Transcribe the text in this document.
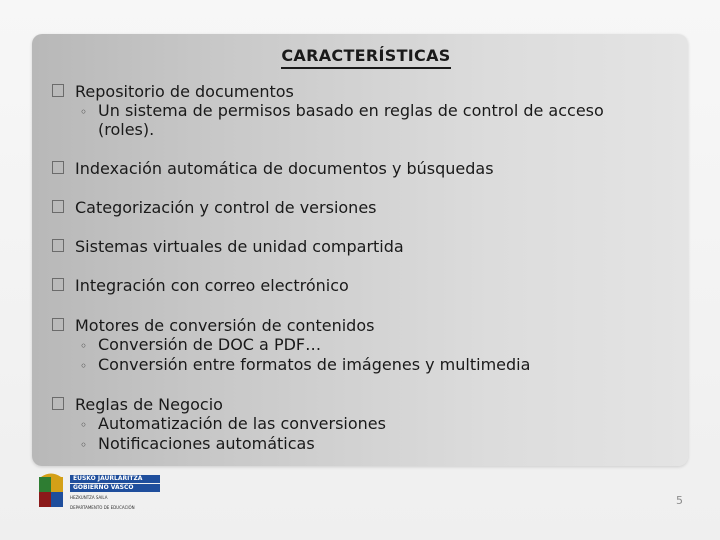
CARACTERÍSTICAS
Repositorio de documentos
◦ Un sistema de permisos basado en reglas de control de acceso
(roles).
Indexación automática de documentos y búsquedas
Categorización y control de versiones
Sistemas virtuales de unidad compartida
Integración con correo electrónico
Motores de conversión de contenidos
◦ Conversión de DOC a PDF…
◦ Conversión entre formatos de imágenes y multimedia
Reglas de Negocio
◦ Automatización de las conversiones
◦ Notificaciones automáticas
EUSKO JAURLARITZA
GOBIERNO VASCO
HEZKUNTZA SAILA
DEPARTAMENTO DE EDUCACIÓN
5
